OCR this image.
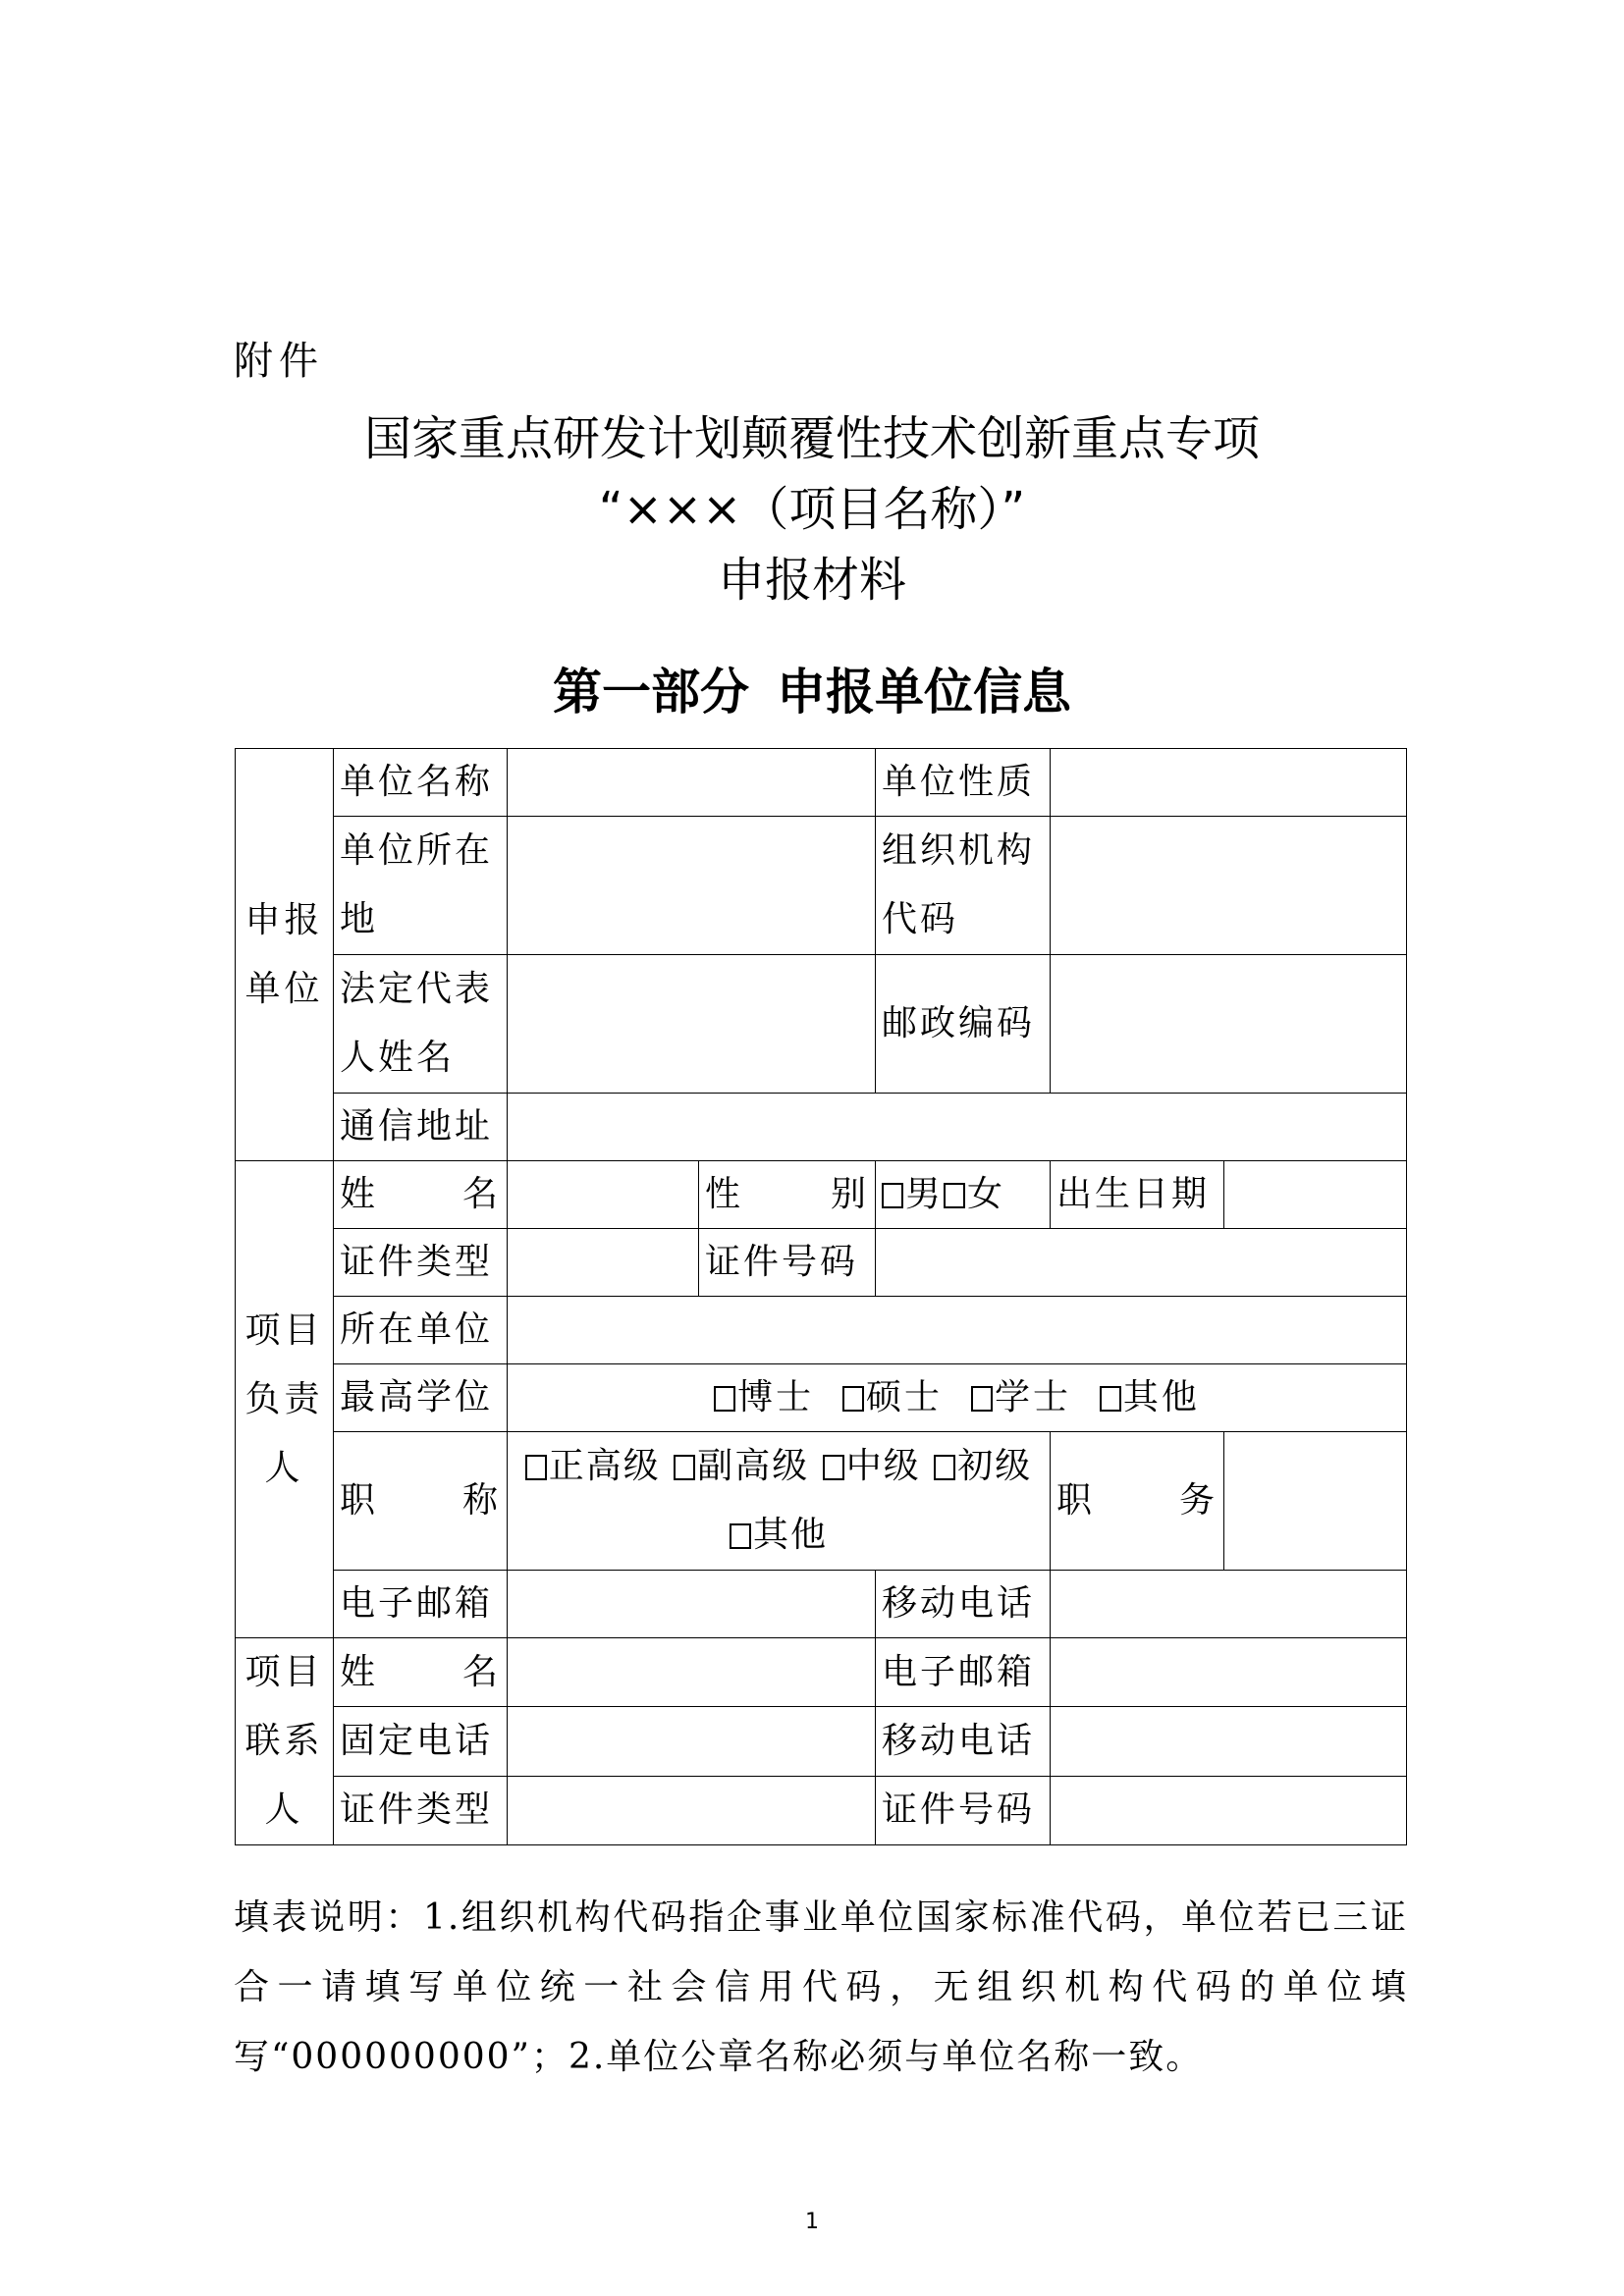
附件
国家重点研发计划颠覆性技术创新重点专项
“×××（项目名称）”
申报材料
第一部分 申报单位信息
申报单位	单位名称			单位性质		
	单位所在地			组织机构代码		

	法定代表人姓名			邮政编码		

	通信地址					
项目负责人	姓 名		性 别	男 女	出生日期	
	证件类型		证件号码			
	所在单位					
	最高学位	博士 硕士 学士 其他				

	职 称	正高级 副高级 中级 初级 其他			职 务	

	电子邮箱			移动电话		
项目联系人	姓 名			电子邮箱		
	固定电话			移动电话		
	证件类型			证件号码		
填表说明：1.组织机构代码指企事业单位国家标准代码，单位若已三证合一请填写单位统一社会信用代码，无组织机构代码的单位填写“000000000”；2.单位公章名称必须与单位名称一致。
1
